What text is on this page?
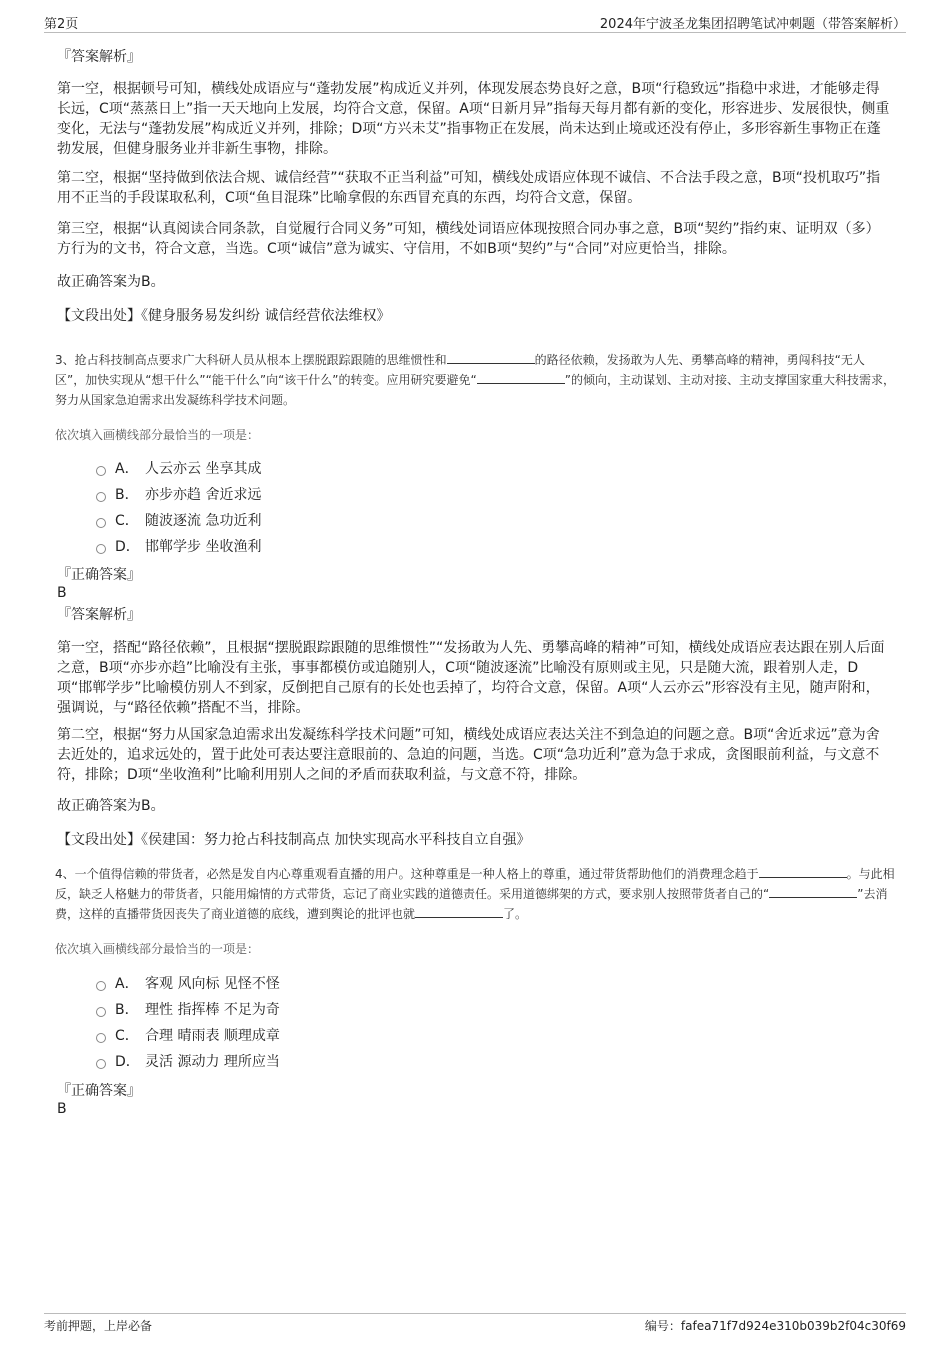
第2页	2024年宁波圣龙集团招聘笔试冲刺题（带答案解析）
『答案解析』

第一空，根据顿号可知，横线处成语应与“蓬勃发展”构成近义并列，体现发展态势良好之意，B项“行稳致远”指稳中求进，才能够走得长远，C项“蒸蒸日上”指一天天地向上发展，均符合文意，保留。A项“日新月异”指每天每月都有新的变化，形容进步、发展很快，侧重变化，无法与“蓬勃发展”构成近义并列，排除；D项“方兴未艾”指事物正在发展，尚未达到止境或还没有停止，多形容新生事物正在蓬勃发展，但健身服务业并非新生事物，排除。

第二空，根据“坚持做到依法合规、诚信经营”“获取不正当利益”可知，横线处成语应体现不诚信、不合法手段之意，B项“投机取巧”指用不正当的手段谋取私利，C项“鱼目混珠”比喻拿假的东西冒充真的东西，均符合文意，保留。

第三空，根据“认真阅读合同条款，自觉履行合同义务”可知，横线处词语应体现按照合同办事之意，B项“契约”指约束、证明双（多）方行为的文书，符合文意，当选。C项“诚信”意为诚实、守信用，不如B项“契约”与“合同”对应更恰当，排除。

故正确答案为B。
【文段出处】《健身服务易发纠纷 诚信经营依法维权》

3、抢占科技制高点要求广大科研人员从根本上摆脱跟踪跟随的思维惯性和	的路径依赖，发扬敢为人先、勇攀高峰的精神，勇闯科技“无人区”，加快实现从“想干什么”“能干什么”向“该干什么”的转变。应用研究要避免“	”的倾向，主动谋划、主动对接、主动支撑国家重大科技需求，努力从国家急迫需求出发凝练科学技术问题。

依次填入画横线部分最恰当的一项是：
A． 人云亦云 坐享其成
B． 亦步亦趋 舍近求远
C． 随波逐流 急功近利
D． 邯郸学步 坐收渔利
『正确答案』
B
『答案解析』

第一空，搭配“路径依赖”，且根据“摆脱跟踪跟随的思维惯性”“发扬敢为人先、勇攀高峰的精神”可知，横线处成语应表达跟在别人后面之意，B项“亦步亦趋”比喻没有主张，事事都模仿或追随别人，C项“随波逐流”比喻没有原则或主见，只是随大流，跟着别人走，D项“邯郸学步”比喻模仿别人不到家，反倒把自己原有的长处也丢掉了，均符合文意，保留。A项“人云亦云”形容没有主见，随声附和，强调说，与“路径依赖”搭配不当，排除。

第二空，根据“努力从国家急迫需求出发凝练科学技术问题”可知，横线处成语应表达关注不到急迫的问题之意。B项“舍近求远”意为舍去近处的，追求远处的，置于此处可表达要注意眼前的、急迫的问题，当选。C项“急功近利”意为急于求成，贪图眼前利益，与文意不符，排除；D项“坐收渔利”比喻利用别人之间的矛盾而获取利益，与文意不符，排除。

故正确答案为B。
【文段出处】《侯建国：努力抢占科技制高点 加快实现高水平科技自立自强》

4、一个值得信赖的带货者，必然是发自内心尊重观看直播的用户。这种尊重是一种人格上的尊重，通过带货帮助他们的消费理念趋于	。与此相反，缺乏人格魅力的带货者，只能用煽情的方式带货，忘记了商业实践的道德责任。采用道德绑架的方式，要求别人按照带货者自己的“	”去消费，这样的直播带货因丧失了商业道德的底线，遭到舆论的批评也就	了。

依次填入画横线部分最恰当的一项是：
A． 客观 风向标 见怪不怪
B． 理性 指挥棒 不足为奇
C． 合理 晴雨表 顺理成章
D． 灵活 源动力 理所应当
『正确答案』
B
考前押题，上岸必备	编号：fafea71f7d924e310b039b2f04c30f69
